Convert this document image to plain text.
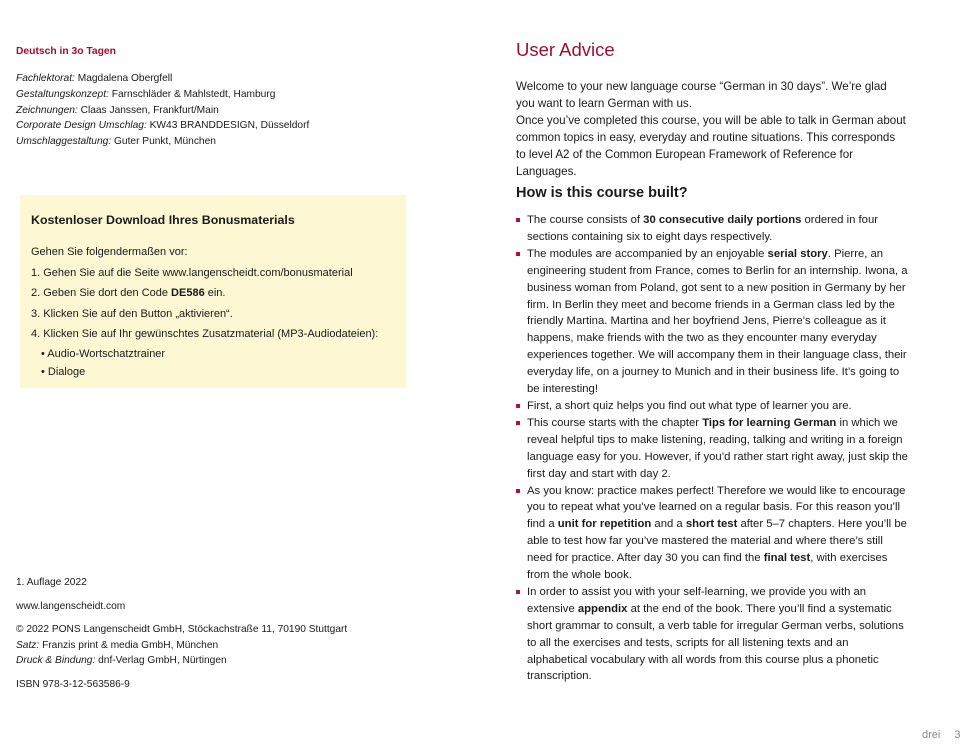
Deutsch in 3o Tagen
Fachlektorat: Magdalena Obergfell
Gestaltungskonzept: Farnschläder & Mahlstedt, Hamburg
Zeichnungen: Claas Janssen, Frankfurt/Main
Corporate Design Umschlag: KW43 BRANDDESIGN, Düsseldorf
Umschlaggestaltung: Guter Punkt, München
Kostenloser Download Ihres Bonusmaterials
Gehen Sie folgendermaßen vor:
1. Gehen Sie auf die Seite www.langenscheidt.com/bonusmaterial
2. Geben Sie dort den Code DE586 ein.
3. Klicken Sie auf den Button „aktivieren“.
4. Klicken Sie auf Ihr gewünschtes Zusatzmaterial (MP3-Audiodateien):
• Audio-Wortschatztrainer
• Dialoge

1. Auflage 2022

www.langenscheidt.com

© 2022 PONS Langenscheidt GmbH, Stöckachstraße 11, 70190 Stuttgart
Satz: Franzis print & media GmbH, München
Druck & Bindung: dnf-Verlag GmbH, Nürtingen

ISBN 978-3-12-563586-9

User Advice
Welcome to your new language course “German in 30 days”. We’re glad you want to learn German with us.
Once you’ve completed this course, you will be able to talk in German about common topics in easy, everyday and routine situations. This corresponds to level A2 of the Common European Framework of Reference for Languages.
How is this course built?
The course consists of 30 consecutive daily portions ordered in four sections containing six to eight days respectively.
The modules are accompanied by an enjoyable serial story. Pierre, an engineering student from France, comes to Berlin for an internship. Iwona, a business woman from Poland, got sent to a new position in Germany by her firm. In Berlin they meet and become friends in a German class led by the friendly Martina. Martina and her boyfriend Jens, Pierre’s colleague as it happens, make friends with the two as they encounter many everyday experiences together. We will accompany them in their language class, their everyday life, on a journey to Munich and in their business life. It’s going to be interesting!
First, a short quiz helps you find out what type of learner you are.
This course starts with the chapter Tips for learning German in which we reveal helpful tips to make listening, reading, talking and writing in a foreign language easy for you. However, if you’d rather start right away, just skip the first day and start with day 2.
As you know: practice makes perfect! Therefore we would like to encourage you to repeat what you’ve learned on a regular basis. For this reason you’ll find a unit for repetition and a short test after 5–7 chapters. Here you’ll be able to test how far you’ve mastered the material and where there’s still need for practice. After day 30 you can find the final test, with exercises from the whole book.
In order to assist you with your self-learning, we provide you with an extensive appendix at the end of the book. There you’ll find a systematic short grammar to consult, a verb table for irregular German verbs, solutions to all the exercises and tests, scripts for all listening texts and an alphabetical vocabulary with all words from this course plus a phonetic transcription.
drei 3
